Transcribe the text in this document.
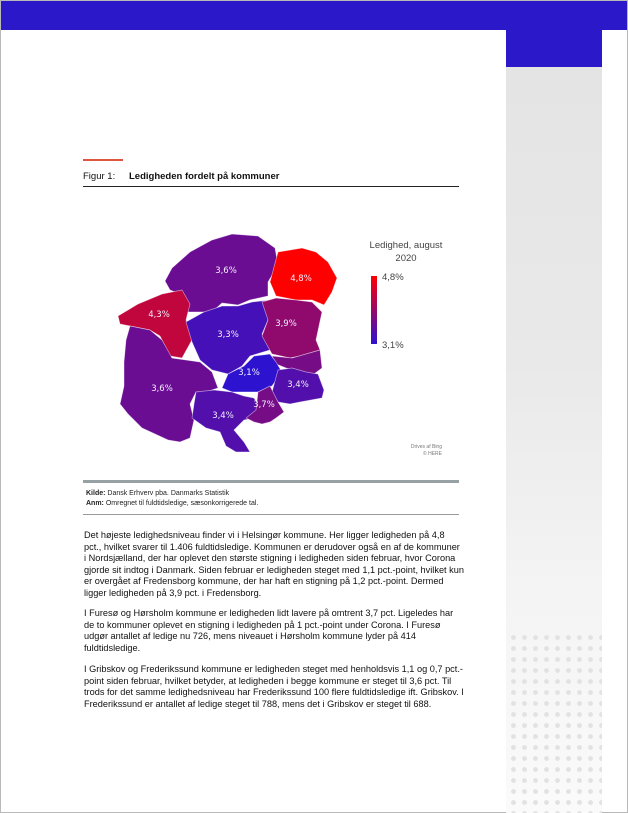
Figur 1: Ledigheden fordelt på kommuner
3,6%
4,8%
4,3%
3,3%
3,9%
3,6%
3,1%
3,4%
3,4%
3,7%
Ledighed, august
2020
4,8%
3,1%
Drives af Bing
© HERE
Kilde: Dansk Erhverv pba. Danmarks Statistik
Anm: Omregnet til fuldtidsledige, sæsonkorrigerede tal.
Det højeste ledighedsniveau finder vi i Helsingør kommune. Her ligger ledigheden på 4,8 pct., hvilket svarer til 1.406 fuldtidsledige. Kommunen er derudover også en af de kommuner i Nordsjælland, der har oplevet den største stigning i ledigheden siden februar, hvor Corona gjorde sit indtog i Danmark. Siden februar er ledigheden steget med 1,1 pct.-point, hvilket kun er overgået af Fredensborg kommune, der har haft en stigning på 1,2 pct.-point. Dermed ligger ledigheden på 3,9 pct. i Fredensborg.
I Furesø og Hørsholm kommune er ledigheden lidt lavere på omtrent 3,7 pct. Ligeledes har de to kommuner oplevet en stigning i ledigheden på 1 pct.-point under Corona. I Furesø udgør antallet af ledige nu 726, mens niveauet i Hørsholm kommune lyder på 414 fuldtidsledige.
I Gribskov og Frederikssund kommune er ledigheden steget med henholdsvis 1,1 og 0,7 pct.-point siden februar, hvilket betyder, at ledigheden i begge kommune er steget til 3,6 pct. Til trods for det samme ledighedsniveau har Frederikssund 100 flere fuldtidsledige ift. Gribskov. I Frederikssund er antallet af ledige steget til 788, mens det i Gribskov er steget til 688.
